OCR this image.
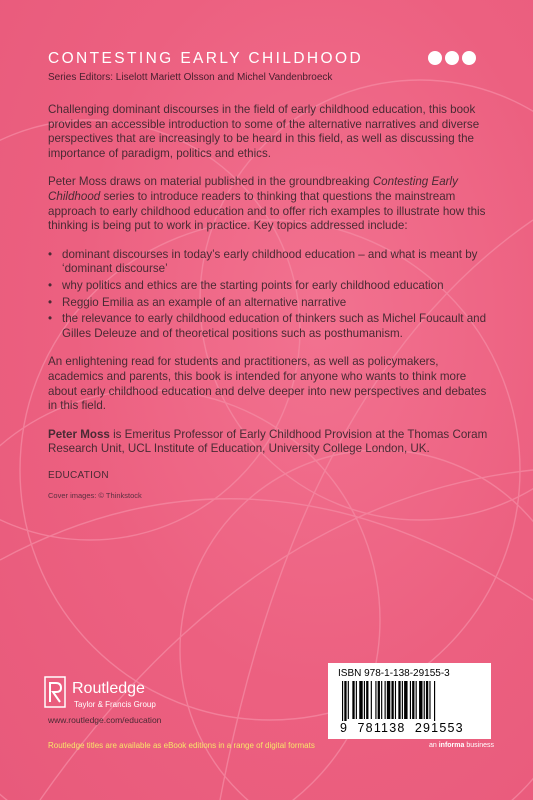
CONTESTING EARLY CHILDHOOD
Series Editors: Liselott Mariett Olsson and Michel Vandenbroeck

Challenging dominant discourses in the field of early childhood education, this book provides an accessible introduction to some of the alternative narratives and diverse perspectives that are increasingly to be heard in this field, as well as discussing the importance of paradigm, politics and ethics.

Peter Moss draws on material published in the groundbreaking Contesting Early Childhood series to introduce readers to thinking that questions the mainstream approach to early childhood education and to offer rich examples to illustrate how this thinking is being put to work in practice. Key topics addressed include:

• dominant discourses in today’s early childhood education – and what is meant by ‘dominant discourse’
• why politics and ethics are the starting points for early childhood education
• Reggio Emilia as an example of an alternative narrative
• the relevance to early childhood education of thinkers such as Michel Foucault and Gilles Deleuze and of theoretical positions such as posthumanism.

An enlightening read for students and practitioners, as well as policymakers, academics and parents, this book is intended for anyone who wants to think more about early childhood education and delve deeper into new perspectives and debates in this field.

Peter Moss is Emeritus Professor of Early Childhood Provision at the Thomas Coram Research Unit, UCL Institute of Education, University College London, UK.

EDUCATION
Cover images: © Thinkstock
Routledge
Taylor & Francis Group
www.routledge.com/education
Routledge titles are available as eBook editions in a range of digital formats
ISBN 978-1-138-29155-3
9 781138 291553
an informa business
